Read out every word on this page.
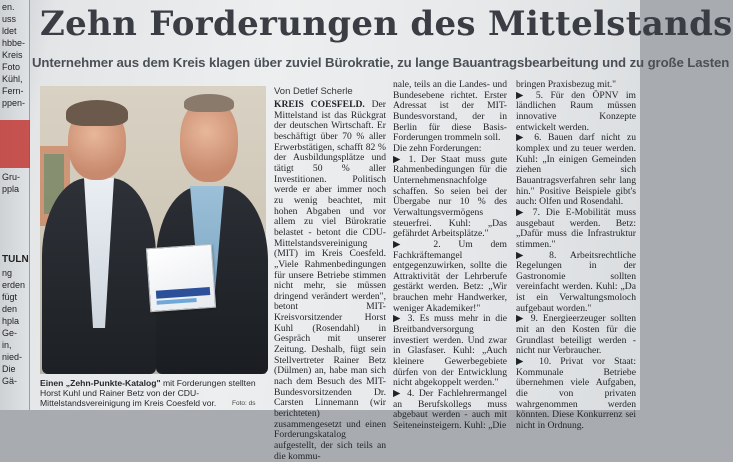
en.
uss
ldet
hbbe-
Kreis
Foto
Kühl,
Fern-
ppen-
Gru-
ppla
TULN
ng
erden
fügt
den
hpla
Ge-
in,
nied-
Die
Gä-
Zehn Forderungen des Mittelstands
Unternehmer aus dem Kreis klagen über zuviel Bürokratie, zu lange Bauantragsbearbeitung und zu große Lasten
Einen „Zehn-Punkte-Katalog" mit Forderungen stellten Horst Kuhl und Rainer Betz von der CDU-Mittelstandsvereinigung im Kreis Coesfeld vor.	Foto: ds
Von Detlef Scherle

KREIS COESFELD. Der Mittelstand ist das Rückgrat der deutschen Wirtschaft. Er beschäftigt über 70 % aller Erwerbstätigen, schafft 82 % der Ausbildungsplätze und tätigt 50 % aller Investitionen. Politisch werde er aber immer noch zu wenig beachtet, mit hohen Abgaben und vor allem zu viel Bürokratie belastet - betont die CDU-Mittelstandsvereinigung (MIT) im Kreis Coesfeld. „Viele Rahmenbedingungen für unsere Betriebe stimmen nicht mehr, sie müssen dringend verändert werden", betont MIT-Kreisvorsitzender Horst Kuhl (Rosendahl) in Gespräch mit unserer Zeitung. Deshalb, fügt sein Stellvertreter Rainer Betz (Dülmen) an, habe man sich nach dem Besuch des MIT-Bundesvorsitzenden Dr. Carsten Linnemann (wir berichteten) zusammengesetzt und einen Forderungskatalog aufgestellt, der sich teils an die kommu-

nale, teils an die Landes- und Bundesebene richtet. Erster Adressat ist der MIT-Bundesvorstand, der in Berlin für diese Basis-Forderungen trommeln soll.

Die zehn Forderungen:

▶ 1. Der Staat muss gute Rahmenbedingungen für die Unternehmensnachfolge schaffen. So seien bei der Übergabe nur 10 % des Verwaltungsvermögens steuerfrei. Kuhl: „Das gefährdet Arbeitsplätze."

▶ 2. Um dem Fachkräftemangel entgegenzuwirken, sollte die Attraktivität der Lehrberufe gestärkt werden. Betz: „Wir brauchen mehr Handwerker, weniger Akademiker!"

▶ 3. Es muss mehr in die Breitbandversorgung investiert werden. Und zwar in Glasfaser. Kuhl: „Auch kleinere Gewerbegebiete dürfen von der Entwicklung nicht abgekoppelt werden."

▶ 4. Der Fachlehrermangel an Berufskollegs muss abgebaut werden - auch mit Seiteneinsteigern. Kuhl: „Die

bringen Praxisbezug mit."

▶ 5. Für den ÖPNV im ländlichen Raum müssen innovative Konzepte entwickelt werden.

▶ 6. Bauen darf nicht zu komplex und zu teuer werden. Kuhl: „In einigen Gemeinden ziehen sich Bauantragsverfahren sehr lang hin." Positive Beispiele gibt's auch: Olfen und Rosendahl.

▶ 7. Die E-Mobilität muss ausgebaut werden. Betz: „Dafür muss die Infrastruktur stimmen."

▶ 8. Arbeitsrechtliche Regelungen in der Gastronomie sollten vereinfacht werden. Kuhl: „Da ist ein Verwaltungsmoloch aufgebaut worden."

▶ 9. Energieerzeuger sollten mit an den Kosten für die Grundlast beteiligt werden - nicht nur Verbraucher.

▶ 10. Privat vor Staat: Kommunale Betriebe übernehmen viele Aufgaben, die von privaten wahrgenommen werden könnten. Diese Konkurrenz sei nicht in Ordnung.
